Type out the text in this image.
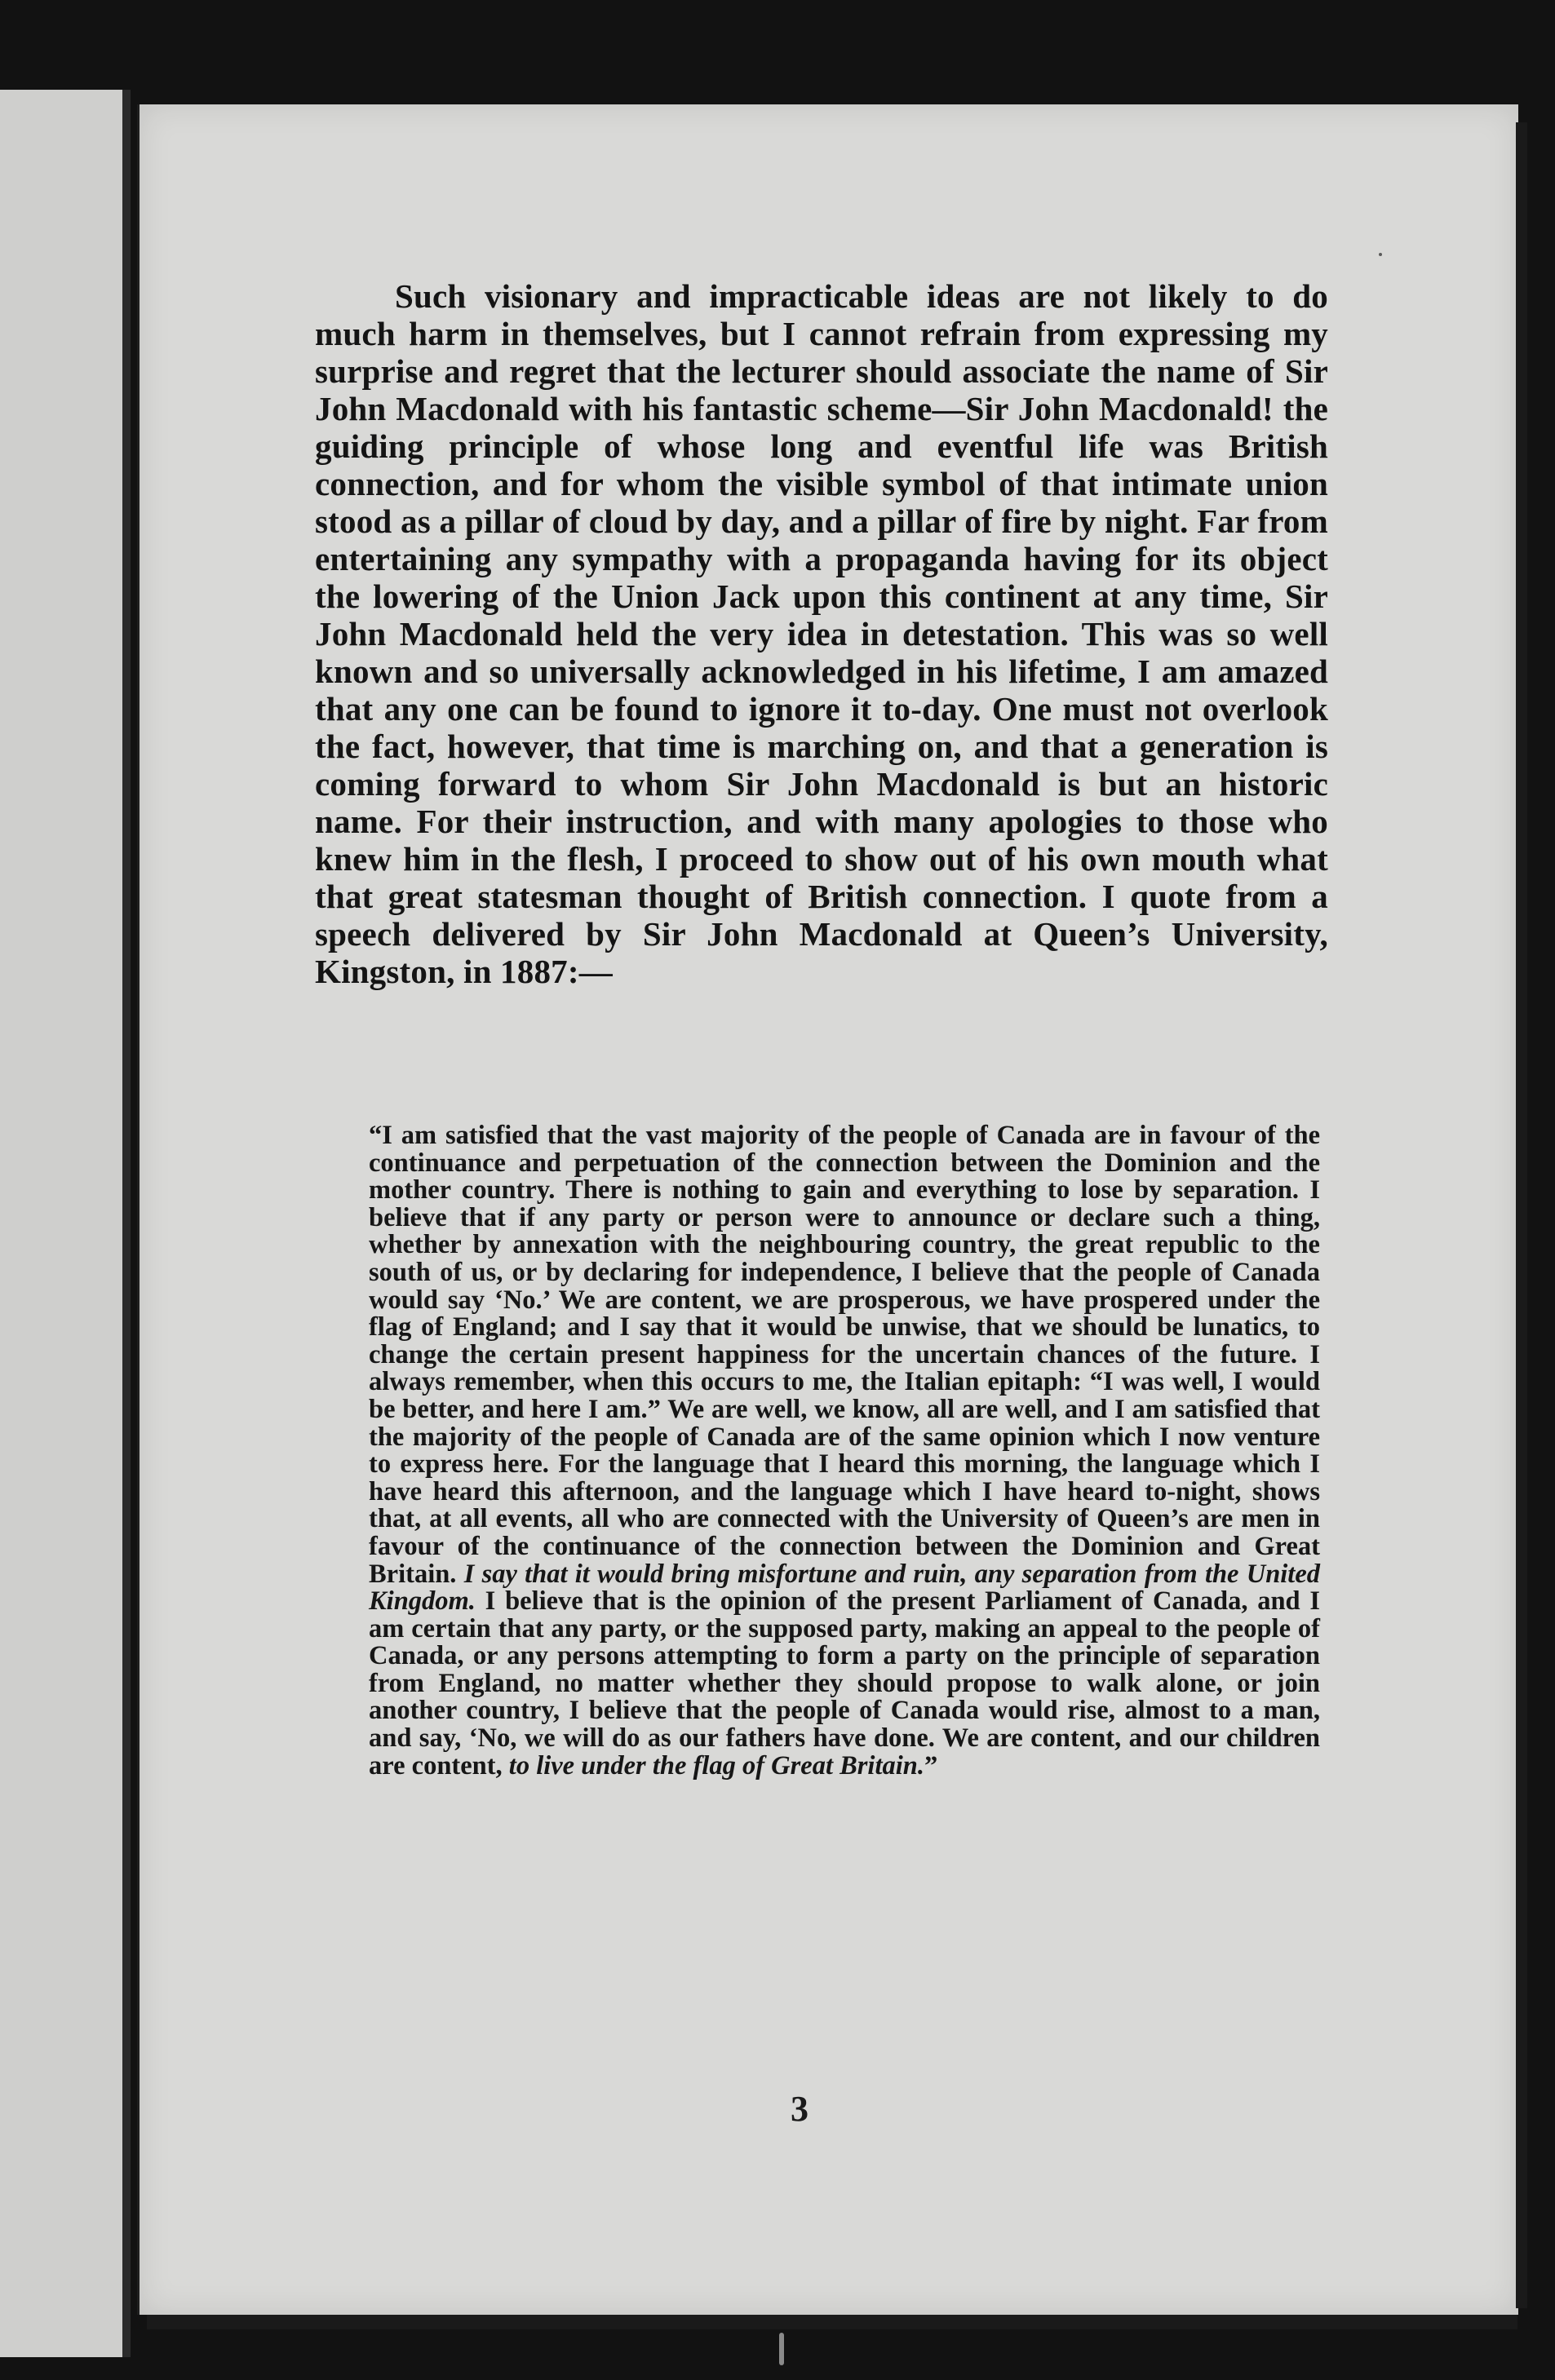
Such visionary and impracticable ideas are not likely to do much harm in themselves, but I cannot refrain from expressing my surprise and regret that the lecturer should associate the name of Sir John Macdonald with his fantastic scheme—Sir John Macdonald! the guiding principle of whose long and eventful life was British connection, and for whom the visible symbol of that intimate union stood as a pillar of cloud by day, and a pillar of fire by night. Far from entertaining any sympathy with a propaganda having for its object the lowering of the Union Jack upon this continent at any time, Sir John Macdonald held the very idea in detestation. This was so well known and so universally acknowledged in his lifetime, I am amazed that any one can be found to ignore it to-day. One must not overlook the fact, however, that time is marching on, and that a generation is coming forward to whom Sir John Macdonald is but an historic name. For their instruction, and with many apologies to those who knew him in the flesh, I proceed to show out of his own mouth what that great statesman thought of British connection. I quote from a speech delivered by Sir John Macdonald at Queen’s University, Kingston, in 1887:—

“I am satisfied that the vast majority of the people of Canada are in favour of the continuance and perpetuation of the connection between the Dominion and the mother country. There is nothing to gain and everything to lose by separation. I believe that if any party or person were to announce or declare such a thing, whether by annexation with the neighbouring country, the great republic to the south of us, or by declaring for independence, I believe that the people of Canada would say ‘No.’ We are content, we are prosperous, we have prospered under the flag of England; and I say that it would be unwise, that we should be lunatics, to change the certain present happiness for the uncertain chances of the future. I always remember, when this occurs to me, the Italian epitaph: “I was well, I would be better, and here I am.” We are well, we know, all are well, and I am satisfied that the majority of the people of Canada are of the same opinion which I now venture to express here. For the language that I heard this morning, the language which I have heard this afternoon, and the language which I have heard to-night, shows that, at all events, all who are connected with the University of Queen’s are men in favour of the continuance of the connection between the Dominion and Great Britain. I say that it would bring misfortune and ruin, any separation from the United Kingdom. I believe that is the opinion of the present Parliament of Canada, and I am certain that any party, or the supposed party, making an appeal to the people of Canada, or any persons attempting to form a party on the principle of separation from England, no matter whether they should propose to walk alone, or join another country, I believe that the people of Canada would rise, almost to a man, and say, ‘No, we will do as our fathers have done. We are content, and our children are content, to live under the flag of Great Britain.”

3
